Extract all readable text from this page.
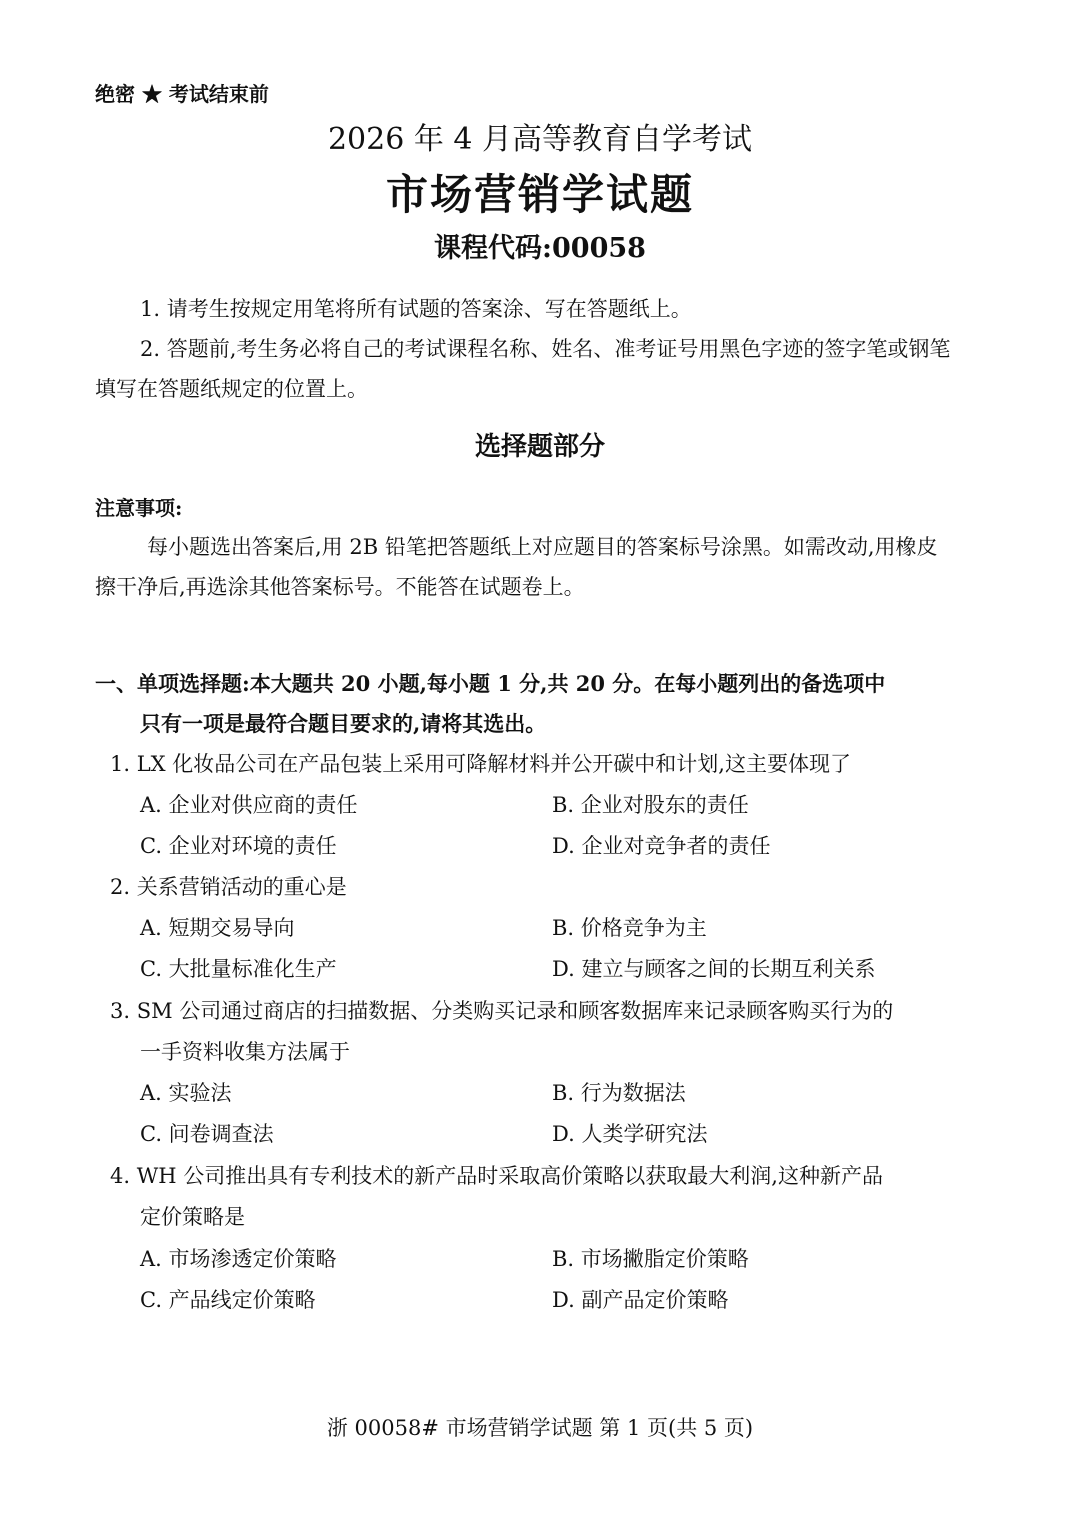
绝密 ★ 考试结束前
2026 年 4 月高等教育自学考试
市场营销学试题
课程代码:00058
1. 请考生按规定用笔将所有试题的答案涂、写在答题纸上。
2. 答题前,考生务必将自己的考试课程名称、姓名、准考证号用黑色字迹的签字笔或钢笔
填写在答题纸规定的位置上。
选择题部分
注意事项:
每小题选出答案后,用 2B 铅笔把答题纸上对应题目的答案标号涂黑。如需改动,用橡皮
擦干净后,再选涂其他答案标号。不能答在试题卷上。
一、单项选择题:本大题共 20 小题,每小题 1 分,共 20 分。在每小题列出的备选项中
只有一项是最符合题目要求的,请将其选出。
1. LX 化妆品公司在产品包装上采用可降解材料并公开碳中和计划,这主要体现了
A. 企业对供应商的责任	B. 企业对股东的责任
C. 企业对环境的责任	D. 企业对竞争者的责任
2. 关系营销活动的重心是
A. 短期交易导向	B. 价格竞争为主
C. 大批量标准化生产	D. 建立与顾客之间的长期互利关系
3. SM 公司通过商店的扫描数据、分类购买记录和顾客数据库来记录顾客购买行为的
一手资料收集方法属于
A. 实验法	B. 行为数据法
C. 问卷调查法	D. 人类学研究法
4. WH 公司推出具有专利技术的新产品时采取高价策略以获取最大利润,这种新产品
定价策略是
A. 市场渗透定价策略	B. 市场撇脂定价策略
C. 产品线定价策略	D. 副产品定价策略
浙 00058# 市场营销学试题 第 1 页(共 5 页)
